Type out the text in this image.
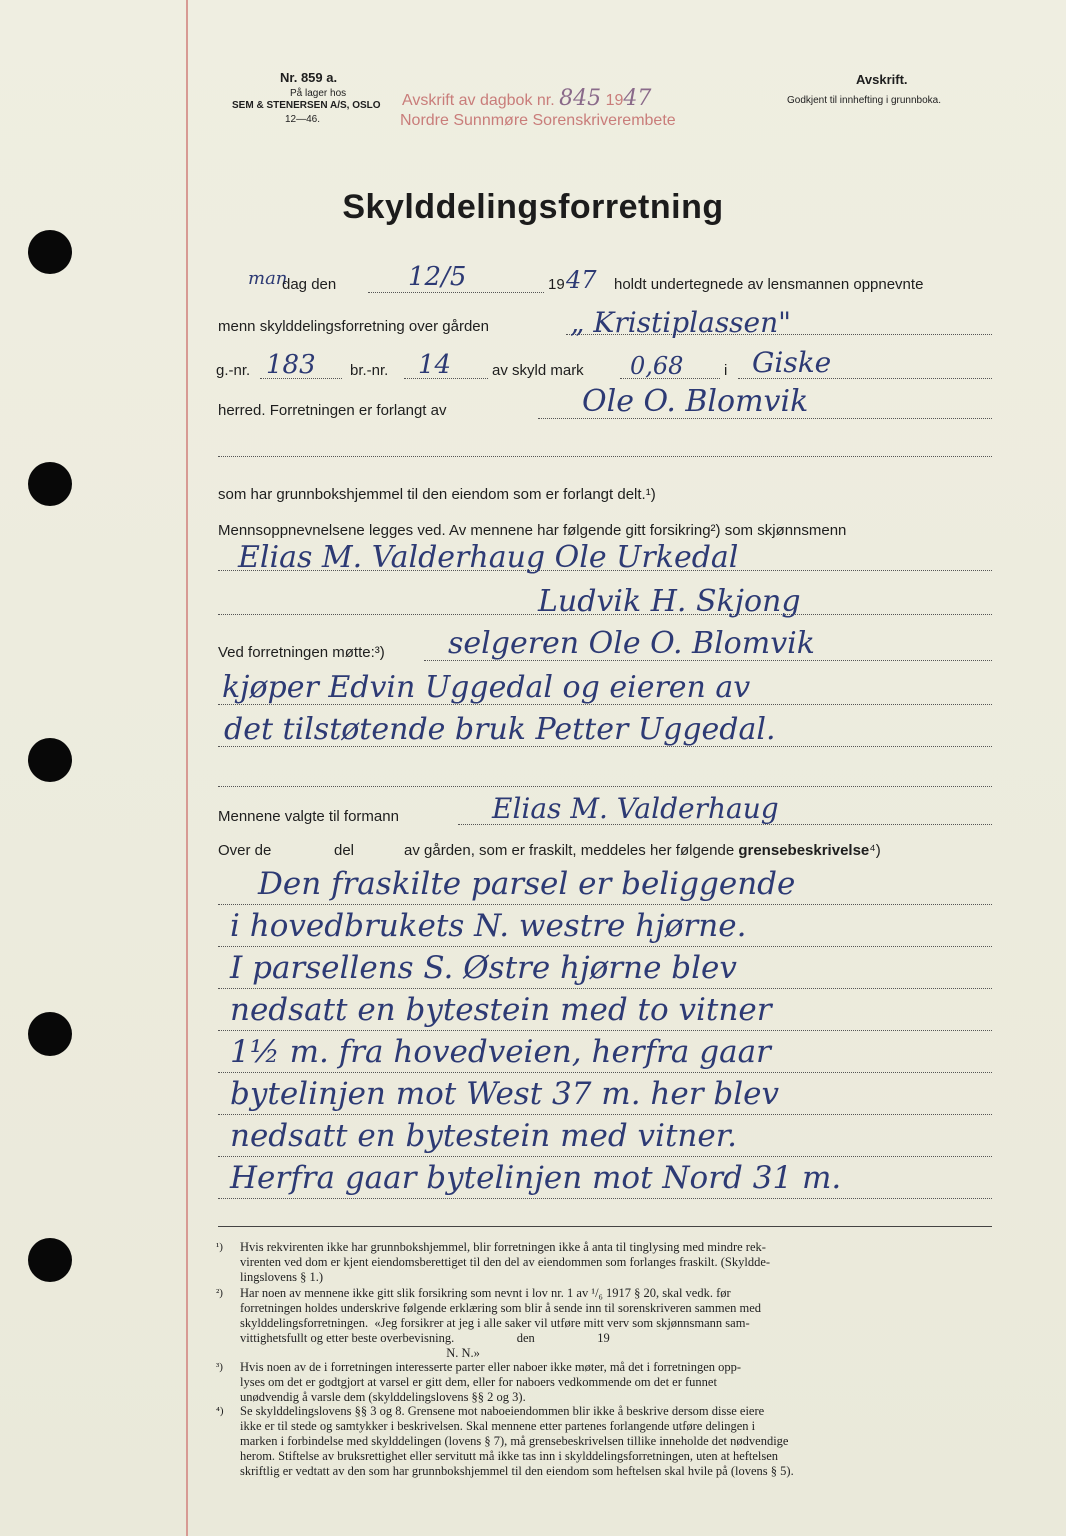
Nr. 859 a.
På lager hos
SEM & STENERSEN A/S, OSLO
12—46.
Avskrift av dagbok nr. 845 1947
Nordre Sunnmøre Sorenskriverembete
Avskrift.
Godkjent til innhefting i grunnboka.
Skylddelingsforretning
man
dag den	12/5	19 47 holdt undertegnede av lensmannen oppnevnte
menn skylddelingsforretning over gården	„ Kristiplassen"
g.-nr. 183 br.-nr. 14	av skyld mark 0,68	i Giske
herred. Forretningen er forlangt av	Ole O. Blomvik
som har grunnbokshjemmel til den eiendom som er forlangt delt.¹)
Mennsoppnevnelsene legges ved. Av mennene har følgende gitt forsikring²) som skjønnsmenn
Elias M. Valderhaug Ole Urkedal
Ludvik H. Skjong
Ved forretningen møtte:³) selgeren Ole O. Blomvik
kjøper Edvin Uggedal og eieren av
det tilstøtende bruk Petter Uggedal.
Mennene valgte til formann	Elias M. Valderhaug
Over de	del	av gården, som er fraskilt, meddeles her følgende grensebeskrivelse⁴)
Den fraskilte parsel er beliggende
i hovedbrukets N. westre hjørne.
I parsellens S. Østre hjørne blev
nedsatt en bytestein med to vitner
1½ m. fra hovedveien, herfra gaar
bytelinjen mot West 37 m. her blev
nedsatt en bytestein med vitner.
Herfra gaar bytelinjen mot Nord 31 m.
¹) Hvis rekvirenten ikke har grunnbokshjemmel, blir forretningen ikke å anta til tinglysing med mindre rek-
virenten ved dom er kjent eiendomsberettiget til den del av eiendommen som forlanges fraskilt. (Skyldde-
lingslovens § 1.)
²) Har noen av mennene ikke gitt slik forsikring som nevnt i lov nr. 1 av ¹/₆ 1917 § 20, skal vedk. før
forretningen holdes underskrive følgende erklæring som blir å sende inn til sorenskriveren sammen med
skylddelingsforretningen.  «Jeg forsikrer at jeg i alle saker vil utføre mitt verv som skjønnsmann sam-
vittighetsfullt og etter beste overbevisning.                    den                    19
N. N.»
³) Hvis noen av de i forretningen interesserte parter eller naboer ikke møter, må det i forretningen opp-
lyses om det er godtgjort at varsel er gitt dem, eller for naboers vedkommende om det er funnet
unødvendig å varsle dem (skylddelingslovens §§ 2 og 3).
⁴) Se skylddelingslovens §§ 3 og 8. Grensene mot naboeiendommen blir ikke å beskrive dersom disse eiere
ikke er til stede og samtykker i beskrivelsen. Skal mennene etter partenes forlangende utføre delingen i
marken i forbindelse med skylddelingen (lovens § 7), må grensebeskrivelsen tillike inneholde det nødvendige
herom. Stiftelse av bruksrettighet eller servitutt må ikke tas inn i skylddelingsforretningen, uten at heftelsen
skriftlig er vedtatt av den som har grunnbokshjemmel til den eiendom som heftelsen skal hvile på (lovens § 5).
